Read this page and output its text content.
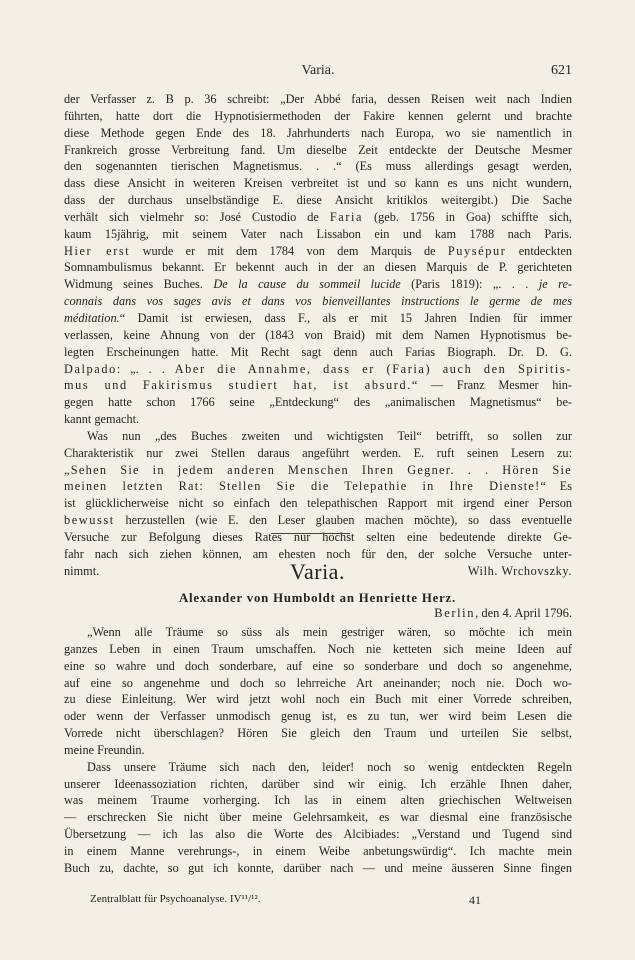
Varia.	621
der Verfasser z. B p. 36 schreibt: „Der Abbé faria, dessen Reisen weit nach Indien
führten, hatte dort die Hypnotisiermethoden der Fakire kennen gelernt und brachte
diese Methode gegen Ende des 18. Jahrhunderts nach Europa, wo sie namentlich in
Frankreich grosse Verbreitung fand. Um dieselbe Zeit entdeckte der Deutsche Mesmer
den sogenannten tierischen Magnetismus. . .“ (Es muss allerdings gesagt werden,
dass diese Ansicht in weiteren Kreisen verbreitet ist und so kann es uns nicht wundern,
dass der durchaus unselbständige E. diese Ansicht kritiklos weitergibt.) Die Sache
verhält sich vielmehr so: José Custodio de Faria (geb. 1756 in Goa) schiffte sich,
kaum 15jährig, mit seinem Vater nach Lissabon ein und kam 1788 nach Paris.
Hier erst wurde er mit dem 1784 von dem Marquis de Puysépur entdeckten
Somnambulismus bekannt. Er bekennt auch in der an diesen Marquis de P. gerichteten
Widmung seines Buches. De la cause du sommeil lucide (Paris 1819): „. . . je re-
connais dans vos sages avis et dans vos bienveillantes instructions le germe de mes
méditation.“ Damit ist erwiesen, dass F., als er mit 15 Jahren Indien für immer
verlassen, keine Ahnung von der (1843 von Braid) mit dem Namen Hypnotismus be-
legten Erscheinungen hatte. Mit Recht sagt denn auch Farias Biograph. Dr. D. G.
Dalpado: „. . . Aber die Annahme, dass er (Faria) auch den Spiritis-
mus und Fakirismus studiert hat, ist absurd.“ — Franz Mesmer hin-
gegen hatte schon 1766 seine „Entdeckung“ des „animalischen Magnetismus“ be-
kannt gemacht.
Was nun „des Buches zweiten und wichtigsten Teil“ betrifft, so sollen zur
Charakteristik nur zwei Stellen daraus angeführt werden. E. ruft seinen Lesern zu:
„Sehen Sie in jedem anderen Menschen Ihren Gegner. . . Hören Sie
meinen letzten Rat: Stellen Sie die Telepathie in Ihre Dienste!“ Es
ist glücklicherweise nicht so einfach den telepathischen Rapport mit irgend einer Person
bewusst herzustellen (wie E. den Leser glauben machen möchte), so dass eventuelle
Versuche zur Befolgung dieses Rates nur höchst selten eine bedeutende direkte Ge-
fahr nach sich ziehen können, am ehesten noch für den, der solche Versuche unter-
nimmt.	Wilh. Wrchovszky.
Varia.
Alexander von Humboldt an Henriette Herz.
Berlin, den 4. April 1796.
„Wenn alle Träume so süss als mein gestriger wären, so möchte ich mein
ganzes Leben in einen Traum umschaffen. Noch nie ketteten sich meine Ideen auf
eine so wahre und doch sonderbare, auf eine so sonderbare und doch so angenehme,
auf eine so angenehme und doch so lehrreiche Art aneinander; noch nie. Doch wo-
zu diese Einleitung. Wer wird jetzt wohl noch ein Buch mit einer Vorrede schreiben,
oder wenn der Verfasser unmodisch genug ist, es zu tun, wer wird beim Lesen die
Vorrede nicht überschlagen? Hören Sie gleich den Traum und urteilen Sie selbst,
meine Freundin.
Dass unsere Träume sich nach den, leider! noch so wenig entdeckten Regeln
unserer Ideenassoziation richten, darüber sind wir einig. Ich erzähle Ihnen daher,
was meinem Traume vorherging. Ich las in einem alten griechischen Weltweisen
— erschrecken Sie nicht über meine Gelehrsamkeit, es war diesmal eine französische
Übersetzung — ich las also die Worte des Alcibiades: „Verstand und Tugend sind
in einem Manne verehrungs-, in einem Weibe anbetungswürdig“. Ich machte mein
Buch zu, dachte, so gut ich konnte, darüber nach — und meine äusseren Sinne fingen
Zentralblatt für Psychoanalyse. IV¹¹/¹².	41
